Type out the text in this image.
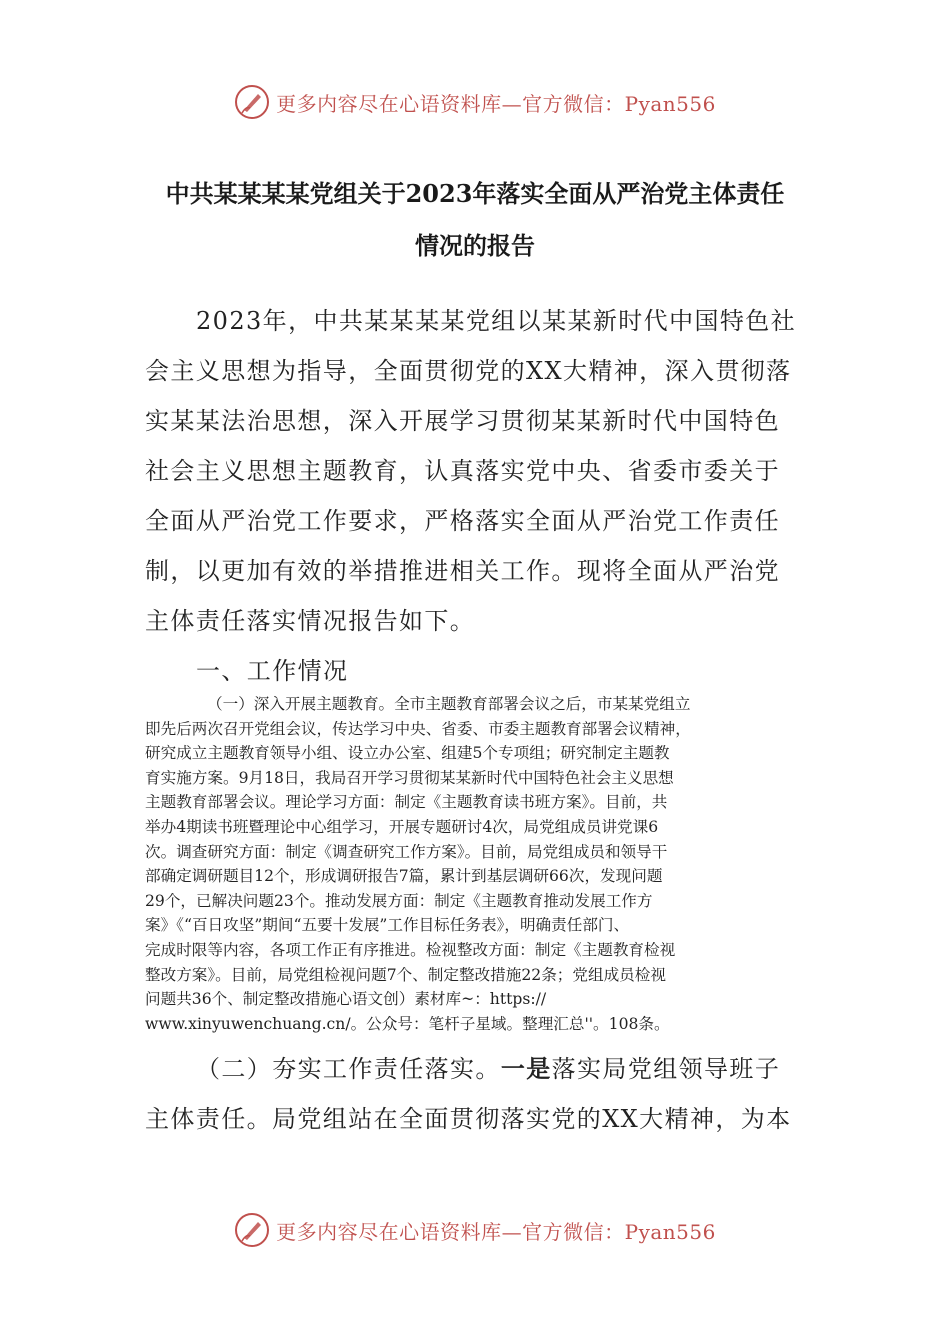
更多内容尽在心语资料库—官方微信：Pyan556
中共某某某某党组关于2023年落实全面从严治党主体责任
情况的报告
2023年，中共某某某某党组以某某新时代中国特色社
会主义思想为指导，全面贯彻党的XX大精神，深入贯彻落
实某某法治思想，深入开展学习贯彻某某新时代中国特色
社会主义思想主题教育，认真落实党中央、省委市委关于
全面从严治党工作要求，严格落实全面从严治党工作责任
制，以更加有效的举措推进相关工作。现将全面从严治党
主体责任落实情况报告如下。
一、工作情况
（一）深入开展主题教育。全市主题教育部署会议之后，市某某党组立
即先后两次召开党组会议，传达学习中央、省委、市委主题教育部署会议精神，
研究成立主题教育领导小组、设立办公室、组建5个专项组；研究制定主题教
育实施方案。9月18日，我局召开学习贯彻某某新时代中国特色社会主义思想
主题教育部署会议。理论学习方面：制定《主题教育读书班方案》。目前，共
举办4期读书班暨理论中心组学习，开展专题研讨4次，局党组成员讲党课6
次。调查研究方面：制定《调查研究工作方案》。目前，局党组成员和领导干
部确定调研题目12个，形成调研报告7篇，累计到基层调研66次，发现问题
29个，已解决问题23个。推动发展方面：制定《主题教育推动发展工作方
案》《“百日攻坚”期间“五要十发展”工作目标任务表》，明确责任部门、
完成时限等内容，各项工作正有序推进。检视整改方面：制定《主题教育检视
整改方案》。目前，局党组检视问题7个、制定整改措施22条；党组成员检视
问题共36个、制定整改措施心语文创）素材库~：https://
www.xinyuwenchuang.cn/。公众号：笔杆子星域。整理汇总''。108条。
（二）夯实工作责任落实。一是落实局党组领导班子
主体责任。局党组站在全面贯彻落实党的XX大精神，为本
更多内容尽在心语资料库—官方微信：Pyan556
